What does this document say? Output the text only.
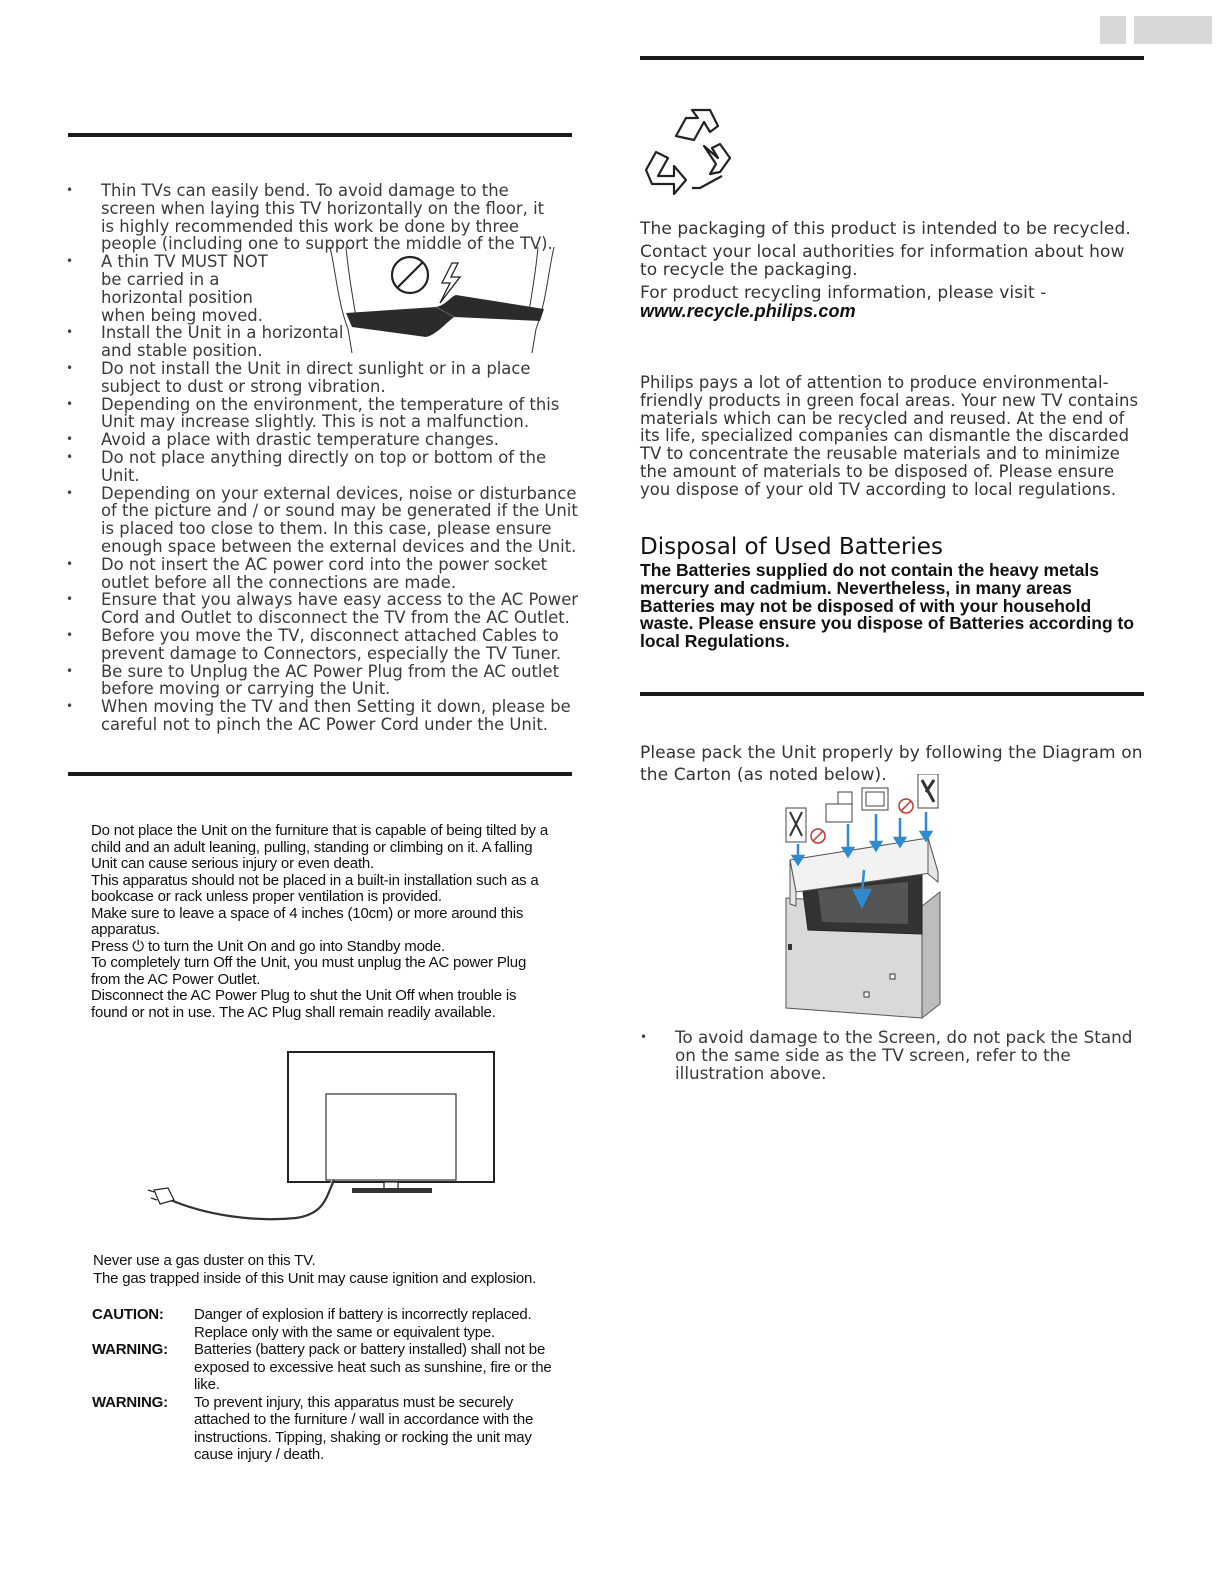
• Thin TVs can easily bend. To avoid damage to the screen when laying this TV horizontally on the floor, it is highly recommended this work be done by three people (including one to support the middle of the TV).
• A thin TV MUST NOT be carried in a horizontal position when being moved.
• Install the Unit in a horizontal and stable position.
• Do not install the Unit in direct sunlight or in a place subject to dust or strong vibration.
• Depending on the environment, the temperature of this Unit may increase slightly. This is not a malfunction.
• Avoid a place with drastic temperature changes.
• Do not place anything directly on top or bottom of the Unit.
• Depending on your external devices, noise or disturbance of the picture and / or sound may be generated if the Unit is placed too close to them. In this case, please ensure enough space between the external devices and the Unit.
• Do not insert the AC power cord into the power socket outlet before all the connections are made.
• Ensure that you always have easy access to the AC Power Cord and Outlet to disconnect the TV from the AC Outlet.
• Before you move the TV, disconnect attached Cables to prevent damage to Connectors, especially the TV Tuner.
• Be sure to Unplug the AC Power Plug from the AC outlet before moving or carrying the Unit.
• When moving the TV and then Setting it down, please be careful not to pinch the AC Power Cord under the Unit.

Do not place the Unit on the furniture that is capable of being tilted by a child and an adult leaning, pulling, standing or climbing on it. A falling Unit can cause serious injury or even death.

This apparatus should not be placed in a built-in installation such as a bookcase or rack unless proper ventilation is provided.

Make sure to leave a space of 4 inches (10cm) or more around this apparatus.

Press ⏻ to turn the Unit On and go into Standby mode.

To completely turn Off the Unit, you must unplug the AC power Plug from the AC Power Outlet.

Disconnect the AC Power Plug to shut the Unit Off when trouble is found or not in use. The AC Plug shall remain readily available.

Never use a gas duster on this TV.

The gas trapped inside of this Unit may cause ignition and explosion.

CAUTION: Danger of explosion if battery is incorrectly replaced. Replace only with the same or equivalent type.
WARNING: Batteries (battery pack or battery installed) shall not be exposed to excessive heat such as sunshine, fire or the like.
WARNING: To prevent injury, this apparatus must be securely attached to the furniture / wall in accordance with the instructions. Tipping, shaking or rocking the unit may cause injury / death.

The packaging of this product is intended to be recycled.

Contact your local authorities for information about how to recycle the packaging.

For product recycling information, please visit -

www.recycle.philips.com

Philips pays a lot of attention to produce environmental-friendly products in green focal areas. Your new TV contains materials which can be recycled and reused. At the end of its life, specialized companies can dismantle the discarded TV to concentrate the reusable materials and to minimize the amount of materials to be disposed of. Please ensure you dispose of your old TV according to local regulations.
Disposal of Used Batteries
The Batteries supplied do not contain the heavy metals mercury and cadmium. Nevertheless, in many areas Batteries may not be disposed of with your household waste. Please ensure you dispose of Batteries according to local Regulations.
Please pack the Unit properly by following the Diagram on the Carton (as noted below).
• To avoid damage to the Screen, do not pack the Stand on the same side as the TV screen, refer to the illustration above.
